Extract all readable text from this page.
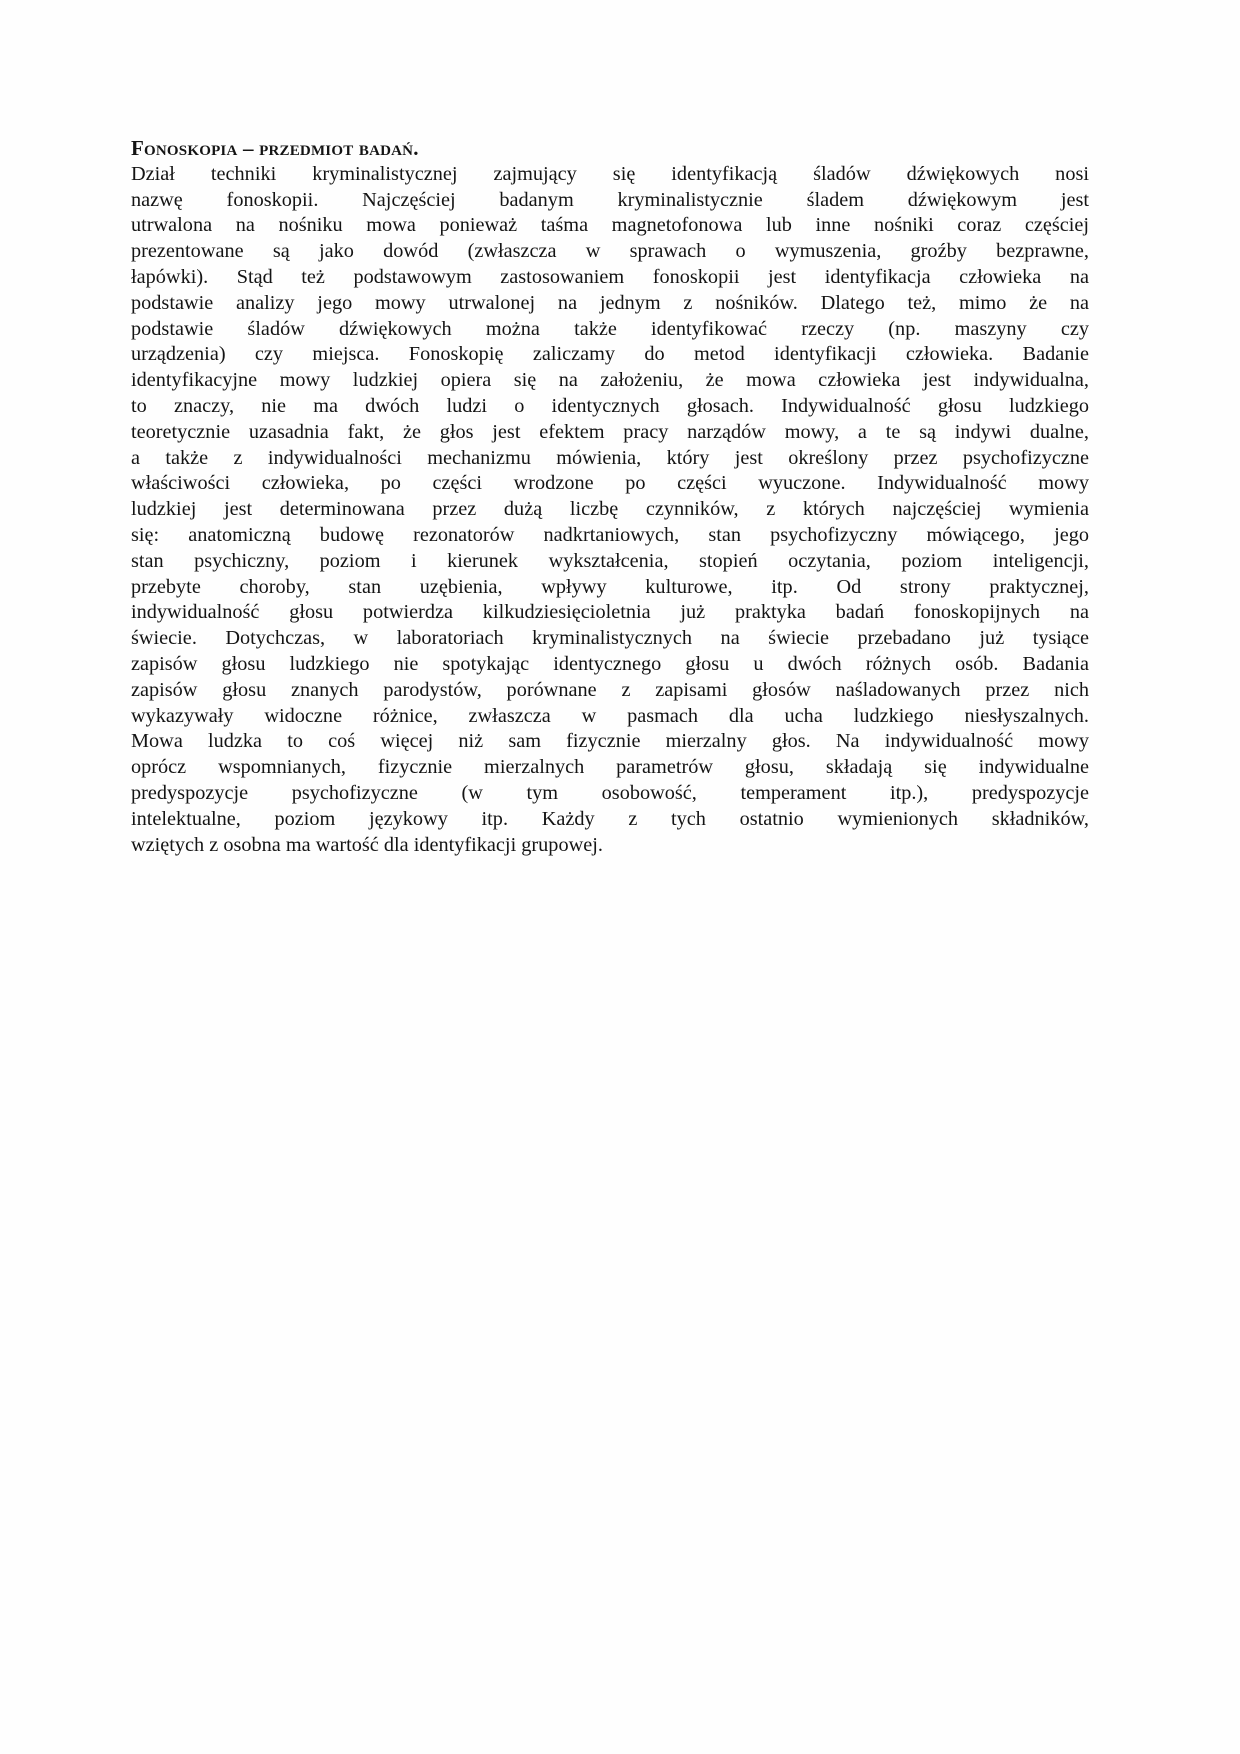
Fonoskopia – przedmiot badań.
Dział techniki kryminalistycznej zajmujący się identyfikacją śladów dźwiękowych nosi
nazwę fonoskopii. Najczęściej badanym kryminalistycznie śladem dźwiękowym jest
utrwalona na nośniku mowa ponieważ taśma magnetofonowa lub inne nośniki coraz częściej
prezentowane są jako dowód (zwłaszcza w sprawach o wymuszenia, groźby bezprawne,
łapówki). Stąd też podstawowym zastosowaniem fonoskopii jest identyfikacja człowieka na
podstawie analizy jego mowy utrwalonej na jednym z nośników. Dlatego też, mimo że na
podstawie śladów dźwiękowych można także identyfikować rzeczy (np. maszyny czy
urządzenia) czy miejsca. Fonoskopię zaliczamy do metod identyfikacji człowieka. Badanie
identyfikacyjne mowy ludzkiej opiera się na założeniu, że mowa człowieka jest indywidualna,
to znaczy, nie ma dwóch ludzi o identycznych głosach. Indywidualność głosu ludzkiego
teoretycznie uzasadnia fakt, że głos jest efektem pracy narządów mowy, a te są indywi dualne,
a także z indywidualności mechanizmu mówienia, który jest określony przez psychofizyczne
właściwości człowieka, po części wrodzone po części wyuczone. Indywidualność mowy
ludzkiej jest determinowana przez dużą liczbę czynników, z których najczęściej wymienia
się: anatomiczną budowę rezonatorów nadkrtaniowych, stan psychofizyczny mówiącego, jego
stan psychiczny, poziom i kierunek wykształcenia, stopień oczytania, poziom inteligencji,
przebyte choroby, stan uzębienia, wpływy kulturowe, itp. Od strony praktycznej,
indywidualność głosu potwierdza kilkudziesięcioletnia już praktyka badań fonoskopijnych na
świecie. Dotychczas, w laboratoriach kryminalistycznych na świecie przebadano już tysiące
zapisów głosu ludzkiego nie spotykając identycznego głosu u dwóch różnych osób. Badania
zapisów głosu znanych parodystów, porównane z zapisami głosów naśladowanych przez nich
wykazywały widoczne różnice, zwłaszcza w pasmach dla ucha ludzkiego niesłyszalnych.
Mowa ludzka to coś więcej niż sam fizycznie mierzalny głos. Na indywidualność mowy
oprócz wspomnianych, fizycznie mierzalnych parametrów głosu, składają się indywidualne
predyspozycje psychofizyczne (w tym osobowość, temperament itp.), predyspozycje
intelektualne, poziom językowy itp. Każdy z tych ostatnio wymienionych składników,
wziętych z osobna ma wartość dla identyfikacji grupowej.
